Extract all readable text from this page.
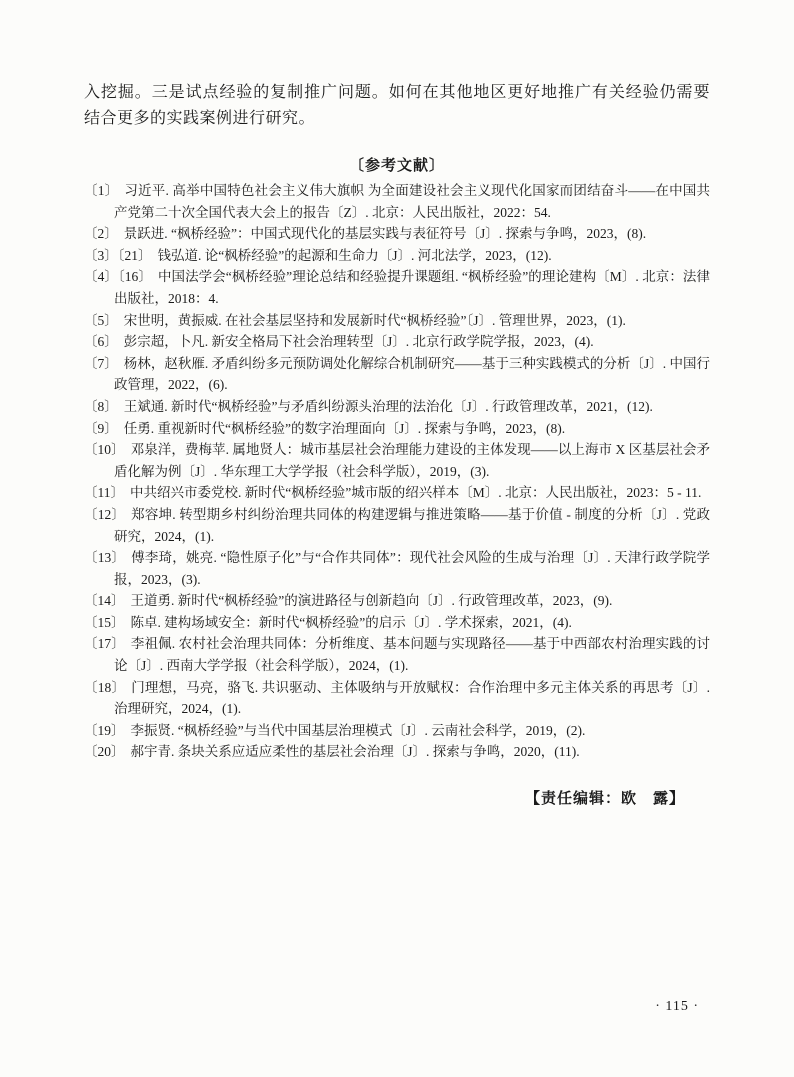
入挖掘。三是试点经验的复制推广问题。如何在其他地区更好地推广有关经验仍需要结合更多的实践案例进行研究。

〔参考文献〕
〔1〕 习近平. 高举中国特色社会主义伟大旗帜 为全面建设社会主义现代化国家而团结奋斗——在中国共产党第二十次全国代表大会上的报告〔Z〕. 北京：人民出版社，2022：54.
〔2〕 景跃进. “枫桥经验”：中国式现代化的基层实践与表征符号〔J〕. 探索与争鸣，2023，(8).
〔3〕〔21〕 钱弘道. 论“枫桥经验”的起源和生命力〔J〕. 河北法学，2023，(12).
〔4〕〔16〕 中国法学会“枫桥经验”理论总结和经验提升课题组. “枫桥经验”的理论建构〔M〕. 北京：法律出版社，2018：4.
〔5〕 宋世明，黄振威. 在社会基层坚持和发展新时代“枫桥经验”〔J〕. 管理世界，2023，(1).
〔6〕 彭宗超，卜凡. 新安全格局下社会治理转型〔J〕. 北京行政学院学报，2023，(4).
〔7〕 杨林，赵秋雁. 矛盾纠纷多元预防调处化解综合机制研究——基于三种实践模式的分析〔J〕. 中国行政管理，2022，(6).
〔8〕 王斌通. 新时代“枫桥经验”与矛盾纠纷源头治理的法治化〔J〕. 行政管理改革，2021，(12).
〔9〕 任勇. 重视新时代“枫桥经验”的数字治理面向〔J〕. 探索与争鸣，2023，(8).
〔10〕 邓泉洋，费梅苹. 属地贤人：城市基层社会治理能力建设的主体发现——以上海市 X 区基层社会矛盾化解为例〔J〕. 华东理工大学学报（社会科学版），2019，(3).
〔11〕 中共绍兴市委党校. 新时代“枫桥经验”城市版的绍兴样本〔M〕. 北京：人民出版社，2023：5 - 11.
〔12〕 郑容坤. 转型期乡村纠纷治理共同体的构建逻辑与推进策略——基于价值 - 制度的分析〔J〕. 党政研究，2024，(1).
〔13〕 傅李琦，姚亮. “隐性原子化”与“合作共同体”：现代社会风险的生成与治理〔J〕. 天津行政学院学报，2023，(3).
〔14〕 王道勇. 新时代“枫桥经验”的演进路径与创新趋向〔J〕. 行政管理改革，2023，(9).
〔15〕 陈卓. 建构场域安全：新时代“枫桥经验”的启示〔J〕. 学术探索，2021，(4).
〔17〕 李祖佩. 农村社会治理共同体：分析维度、基本问题与实现路径——基于中西部农村治理实践的讨论〔J〕. 西南大学学报（社会科学版），2024，(1).
〔18〕 门理想，马亮，骆飞. 共识驱动、主体吸纳与开放赋权：合作治理中多元主体关系的再思考〔J〕. 治理研究，2024，(1).
〔19〕 李振贤. “枫桥经验”与当代中国基层治理模式〔J〕. 云南社会科学，2019，(2).
〔20〕 郝宇青. 条块关系应适应柔性的基层社会治理〔J〕. 探索与争鸣，2020，(11).

【责任编辑：欧　露】

· 115 ·
